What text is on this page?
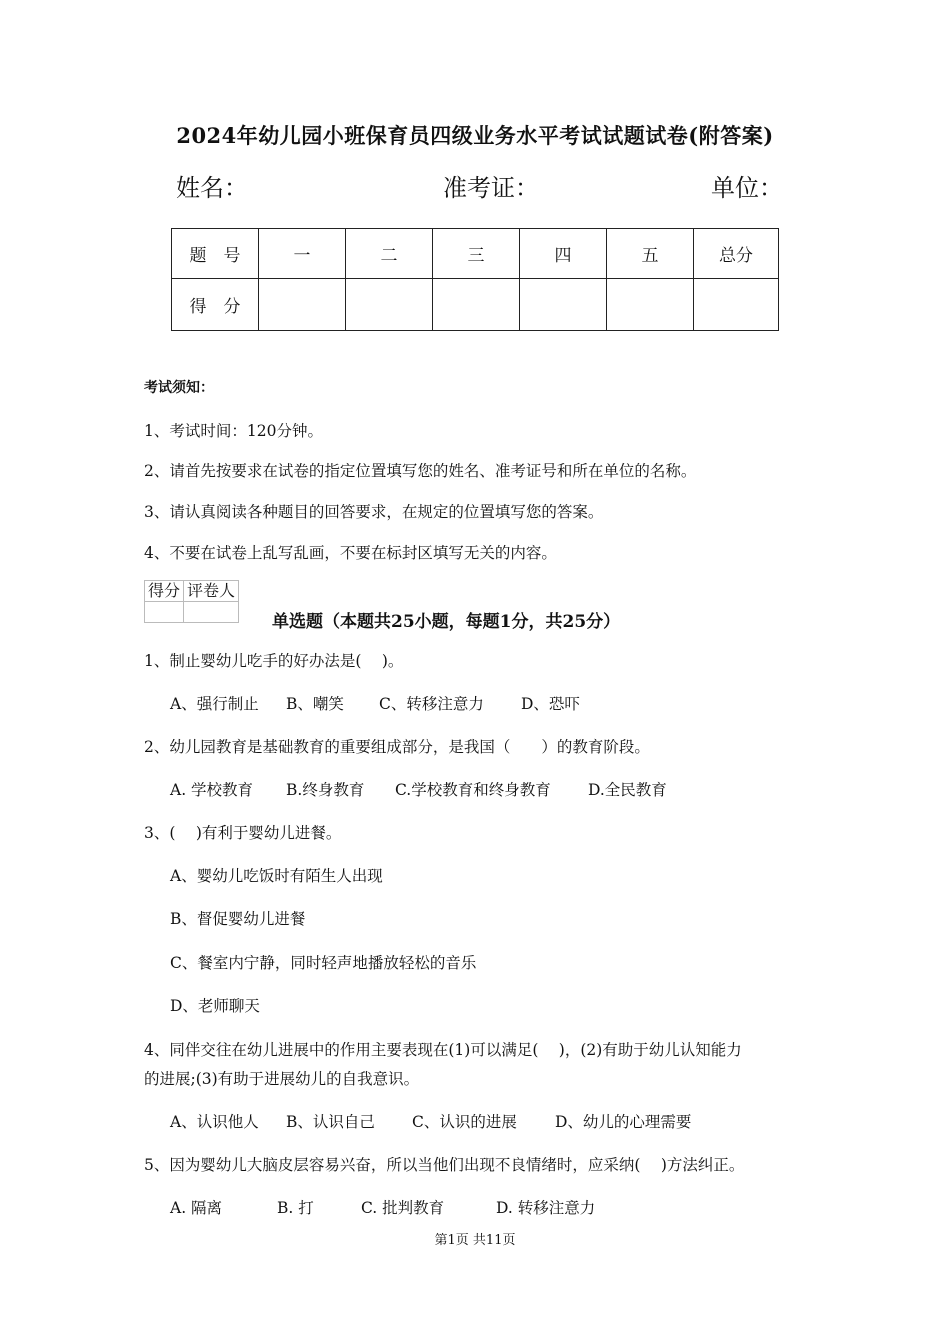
2024年幼儿园小班保育员四级业务水平考试试题试卷(附答案)
姓名：	准考证：	单位：
题　号	一	二	三	四	五	总分
得　分						
考试须知：
1、考试时间：120分钟。
2、请首先按要求在试卷的指定位置填写您的姓名、准考证号和所在单位的名称。
3、请认真阅读各种题目的回答要求，在规定的位置填写您的答案。
4、不要在试卷上乱写乱画，不要在标封区填写无关的内容。
得分	评卷人

单选题（本题共25小题，每题1分，共25分）
1、制止婴幼儿吃手的好办法是(　 )。
A、强行制止 B、嘲笑 C、转移注意力 D、恐吓
2、幼儿园教育是基础教育的重要组成部分，是我国（　　）的教育阶段。
A. 学校教育 B.终身教育 C.学校教育和终身教育 D.全民教育
3、(　 )有利于婴幼儿进餐。
A、婴幼儿吃饭时有陌生人出现
B、督促婴幼儿进餐
C、餐室内宁静，同时轻声地播放轻松的音乐
D、老师聊天
4、同伴交往在幼儿进展中的作用主要表现在(1)可以满足(　 )，(2)有助于幼儿认知能力
的进展;(3)有助于进展幼儿的自我意识。
A、认识他人 B、认识自己 C、认识的进展 D、幼儿的心理需要
5、因为婴幼儿大脑皮层容易兴奋，所以当他们出现不良情绪时，应采纳(　 )方法纠正。
A. 隔离	B. 打	C. 批判教育	D. 转移注意力
第1页 共11页
